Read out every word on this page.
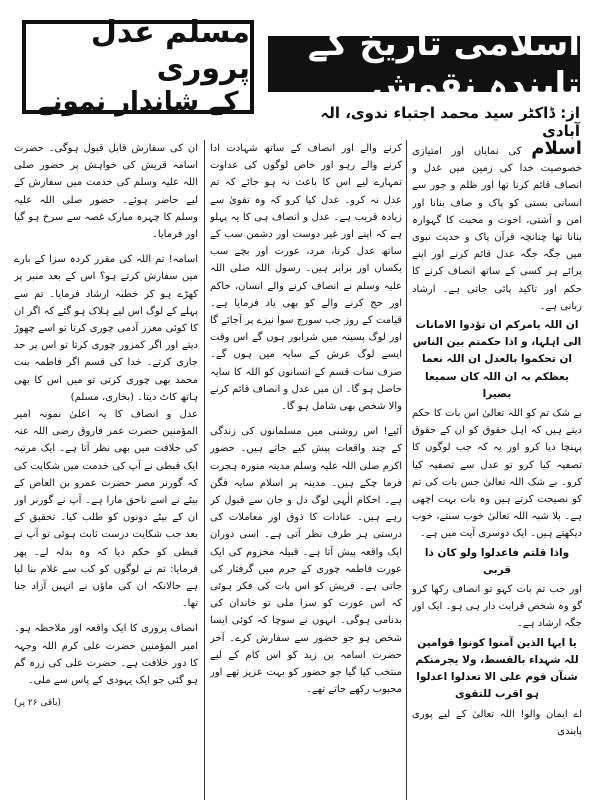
اسلامی تاریخ کے تابندہ نقوش
مسلم عدل پروری
کے شاندار نمونے	از: ڈاکٹر سید محمد اجتباء ندوی، الہ آبادی

اسلام کی نمایاں اور امتیازی خصوصیت خدا کی زمین میں عدل و انصاف قائم کرنا تھا اور ظلم و جور سے انسانی بستی کو پاک و صاف بنانا اور امن و آشتی، اخوت و محبت کا گہوارہ بنانا تھا چنانچہ قرآن پاک و حدیث نبوی میں جگہ جگہ عدل قائم کرنے اور اپنے پرائے ہر کسی کے ساتھ انصاف کرنے کا حکم اور تاکید پائی جاتی ہے۔ ارشاد ربانی ہے۔

ان اللہ یامرکم ان تؤدوا الامانات الی اہلہا، و اذا حکمتم بین الناس ان تحکموا بالعدل ان اللہ نعما یعظکم بہ ان اللہ کان سمیعا بصیرا

بے شک تم کو اللہ تعالیٰ اس بات کا حکم دیتے ہیں کہ اہل حقوق کو ان کے حقوق پہنچا دیا کرو اور یہ کہ جب لوگوں کا تصفیہ کیا کرو تو عدل سے تصفیہ کیا کرو۔ بے شک اللہ تعالیٰ جس بات کی تم کو نصیحت کرتے ہیں وہ بات بہت اچھی ہے۔ بلا شبہ اللہ تعالیٰ خوب سنتے، خوب دیکھتے ہیں۔ ایک دوسری آیت میں ہے۔

واذا قلتم فاعدلوا ولو کان ذا قربی

اور جب تم بات کہو تو انصاف رکھا کرو گو وہ شخص قرابت دار ہی ہو۔ ایک اور جگہ ارشاد ہے۔

یا ایہا الذین آمنوا کونوا قوامین للہ شہداء بالقسط، ولا یجرمنکم شنآن قوم علی الا تعدلوا اعدلوا ہو اقرب للتقوی

اے ایمان والو! اللہ تعالیٰ کے لیے پوری پابندی

کرنے والے اور انصاف کے ساتھ شہادت ادا کرنے والے رہو اور خاص لوگوں کی عداوت تمہارے لیے اس کا باعث نہ ہو جائے کہ تم عدل نہ کرو۔ عدل کیا کرو کہ وہ تقویٰ سے زیادہ قریب ہے۔ عدل و انصاف ہی کا یہ پہلو ہے کہ اپنے اور غیر دوست اور دشمن سب کے ساتھ عدل کرنا، مرد، عورت اور بچے سب یکساں اور برابر ہیں۔ رسول اللہ صلی اللہ علیہ وسلم نے انصاف کرنے والے انسان، حاکم اور حج کرنے والے کو بھی یاد فرمایا ہے۔ قیامت کے روز جب سورج سوا نیزے پر آجائے گا اور لوگ پسینہ میں شرابور ہوں گے اس وقت ایسے لوگ عرش کے سایہ میں ہوں گے۔ صرف سات قسم کے انسانوں کو اللہ کا سایہ حاصل ہو گا۔ ان میں عدل و انصاف قائم کرنے والا شخص بھی شامل ہو گا۔

آئیے! اس روشنی میں مسلمانوں کی زندگی کے چند واقعات پیش کیے جاتے ہیں۔ حضور اکرم صلی اللہ علیہ وسلم مدینہ منورہ ہجرت فرما چکے ہیں۔ مدینہ پر اسلام سایہ فگن ہے۔ احکام الٰہی لوگ دل و جان سے قبول کر رہے ہیں۔ عبادات کا ذوق اور معاملات کی درستی ہر طرف نظر آتی ہے۔ اسی دوران ایک واقعہ پیش آتا ہے۔ قبیلہ مخزوم کی ایک عورت فاطمہ چوری کے جرم میں گرفتار کی جاتی ہے۔ قریش کو اس بات کی فکر ہوئی کہ اس عورت کو سزا ملی تو خاندان کی بدنامی ہوگی۔ انہوں نے سوچا کہ کوئی ایسا شخص ہو جو حضور سے سفارش کرے۔ آخر حضرت اسامہ بن زید کو اس کام کے لیے منتخب کیا گیا جو حضور کو بہت عزیز تھے اور محبوب رکھے جاتے تھے۔

ان کی سفارش قابل قبول ہوگی۔ حضرت اسامہ قریش کی خواہش پر حضور صلی اللہ علیہ وسلم کی خدمت میں سفارش کے لیے حاضر ہوئے۔ حضور صلی اللہ علیہ وسلم کا چہرہ مبارک غصہ سے سرخ ہو گیا اور فرمایا۔

اسامہ! تم اللہ کی مقرر کردہ سزا کے بارے میں سفارش کرتے ہو؟ اس کے بعد منبر پر کھڑے ہو کر خطبہ ارشاد فرمایا۔ تم سے پہلے کے لوگ اس لیے ہلاک ہو گئے کہ اگر ان کا کوئی معزز آدمی چوری کرتا تو اسے چھوڑ دیتے اور اگر کمزور چوری کرتا تو اس پر حد جاری کرتے۔ خدا کی قسم اگر فاطمہ بنت محمد بھی چوری کرتی تو میں اس کا بھی ہاتھ کاٹ دیتا۔ (بخاری، مسلم)

عدل و انصاف کا یہ اعلیٰ نمونہ امیر المؤمنین حضرت عمر فاروق رضی اللہ عنہ کی خلافت میں بھی نظر آتا ہے۔ ایک مرتبہ ایک قبطی نے آپ کی خدمت میں شکایت کی کہ گورنر مصر حضرت عمرو بن العاص کے بیٹے نے اسے ناحق مارا ہے۔ آپ نے گورنر اور ان کے بیٹے دونوں کو طلب کیا۔ تحقیق کے بعد جب شکایت درست ثابت ہوئی تو آپ نے قبطی کو حکم دیا کہ وہ بدلہ لے۔ پھر فرمایا: تم نے لوگوں کو کب سے غلام بنا لیا ہے حالانکہ ان کی ماؤں نے انہیں آزاد جنا تھا۔

انصاف پروری کا ایک واقعہ اور ملاحظہ ہو۔ امیر المؤمنین حضرت علی کرم اللہ وجہہ کا دور خلافت ہے۔ حضرت علی کی زرہ گم ہو گئی جو ایک یہودی کے پاس سے ملی۔

(باقی ۲۶ پر)
